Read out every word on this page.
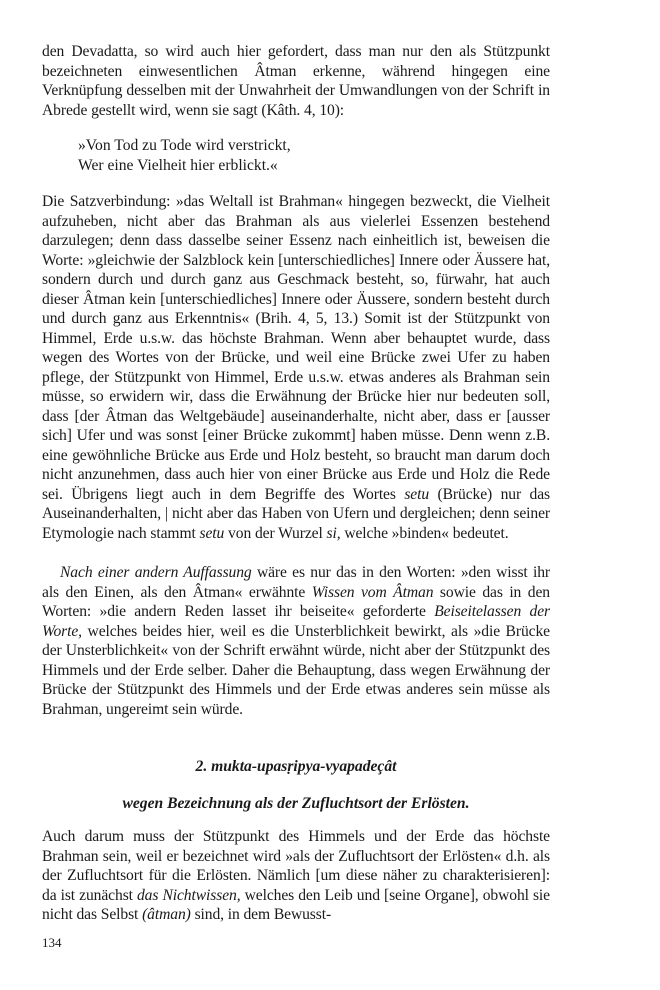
den Devadatta, so wird auch hier gefordert, dass man nur den als Stützpunkt bezeichneten einwesentlichen Âtman erkenne, während hingegen eine Verknüpfung desselben mit der Unwahrheit der Umwandlungen von der Schrift in Abrede gestellt wird, wenn sie sagt (Kâth. 4, 10):

»Von Tod zu Tode wird verstrickt,
Wer eine Vielheit hier erblickt.«

Die Satzverbindung: »das Weltall ist Brahman« hingegen bezweckt, die Vielheit aufzuheben, nicht aber das Brahman als aus vielerlei Essenzen bestehend darzulegen; denn dass dasselbe seiner Essenz nach einheitlich ist, beweisen die Worte: »gleichwie der Salzblock kein [unterschiedliches] Innere oder Äussere hat, sondern durch und durch ganz aus Geschmack besteht, so, fürwahr, hat auch dieser Âtman kein [unterschiedliches] Innere oder Äussere, sondern besteht durch und durch ganz aus Erkenntnis« (Brih. 4, 5, 13.) Somit ist der Stützpunkt von Himmel, Erde u.s.w. das höchste Brahman. Wenn aber behauptet wurde, dass wegen des Wortes von der Brücke, und weil eine Brücke zwei Ufer zu haben pflege, der Stützpunkt von Himmel, Erde u.s.w. etwas anderes als Brahman sein müsse, so erwidern wir, dass die Erwähnung der Brücke hier nur bedeuten soll, dass [der Âtman das Weltgebäude] auseinanderhalte, nicht aber, dass er [ausser sich] Ufer und was sonst [einer Brücke zukommt] haben müsse. Denn wenn z.B. eine gewöhnliche Brücke aus Erde und Holz besteht, so braucht man darum doch nicht anzunehmen, dass auch hier von einer Brücke aus Erde und Holz die Rede sei. Übrigens liegt auch in dem Begriffe des Wortes setu (Brücke) nur das Auseinanderhalten, | nicht aber das Haben von Ufern und dergleichen; denn seiner Etymologie nach stammt setu von der Wurzel si, welche »binden« bedeutet.

Nach einer andern Auffassung wäre es nur das in den Worten: »den wisst ihr als den Einen, als den Âtman« erwähnte Wissen vom Âtman sowie das in den Worten: »die andern Reden lasset ihr beiseite« geforderte Beiseitelassen der Worte, welches beides hier, weil es die Unsterblichkeit bewirkt, als »die Brücke der Unsterblichkeit« von der Schrift erwähnt würde, nicht aber der Stützpunkt des Himmels und der Erde selber. Daher die Behauptung, dass wegen Erwähnung der Brücke der Stützpunkt des Himmels und der Erde etwas anderes sein müsse als Brahman, ungereimt sein würde.

2. mukta-upasṛipya-vyapadeçât
wegen Bezeichnung als der Zufluchtsort der Erlösten.

Auch darum muss der Stützpunkt des Himmels und der Erde das höchste Brahman sein, weil er bezeichnet wird »als der Zufluchtsort der Erlösten« d.h. als der Zufluchtsort für die Erlösten. Nämlich [um diese näher zu charakterisieren]: da ist zunächst das Nichtwissen, welches den Leib und [seine Organe], obwohl sie nicht das Selbst (âtman) sind, in dem Bewusst-

134
